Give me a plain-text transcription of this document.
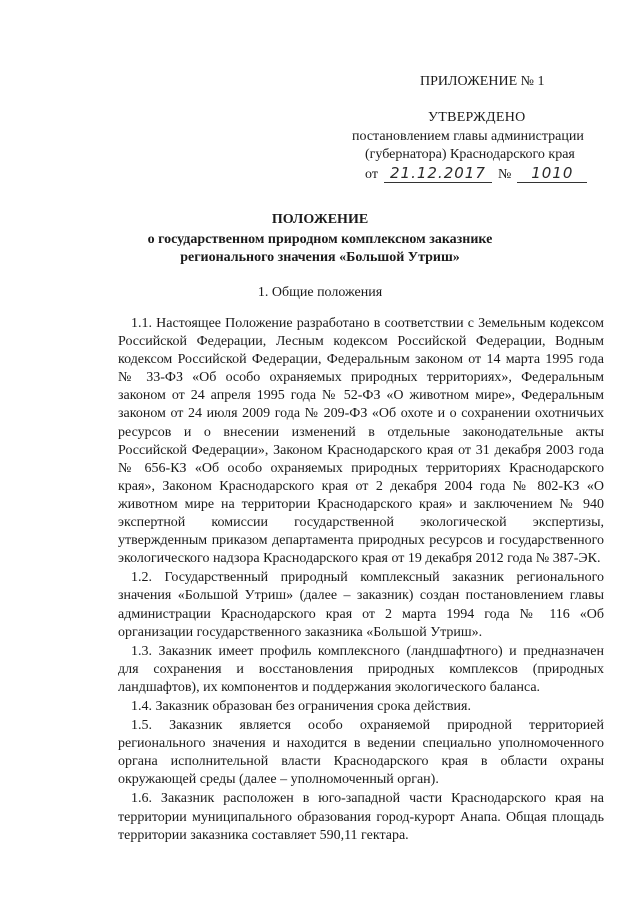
ПРИЛОЖЕНИЕ № 1
УТВЕРЖДЕНО
постановлением главы администрации
(губернатора) Краснодарского края
от 21.12.2017 №	1010
ПОЛОЖЕНИЕ
о государственном природном комплексном заказнике
регионального значения «Большой Утриш»
1. Общие положения

1.1. Настоящее Положение разработано в соответствии с Земельным кодексом Российской Федерации, Лесным кодексом Российской Федерации, Водным кодексом Российской Федерации, Федеральным законом от 14 марта 1995 года № 33-ФЗ «Об особо охраняемых природных территориях», Федеральным законом от 24 апреля 1995 года № 52-ФЗ «О животном мире», Федеральным законом от 24 июля 2009 года № 209-ФЗ «Об охоте и о сохранении охотничьих ресурсов и о внесении изменений в отдельные законодательные акты Российской Федерации», Законом Краснодарского края от 31 декабря 2003 года № 656-КЗ «Об особо охраняемых природных территориях Краснодарского края», Законом Краснодарского края от 2 декабря 2004 года № 802-КЗ «О животном мире на территории Краснодарского края» и заключением № 940 экспертной комиссии государственной экологической экспертизы, утвержденным приказом департамента природных ресурсов и государственного экологического надзора Краснодарского края от 19 декабря 2012 года № 387-ЭК.

1.2. Государственный природный комплексный заказник регионального значения «Большой Утриш» (далее – заказник) создан постановлением главы администрации Краснодарского края от 2 марта 1994 года № 116 «Об организации государственного заказника «Большой Утриш».

1.3. Заказник имеет профиль комплексного (ландшафтного) и предназначен для сохранения и восстановления природных комплексов (природных ландшафтов), их компонентов и поддержания экологического баланса.

1.4. Заказник образован без ограничения срока действия.

1.5. Заказник является особо охраняемой природной территорией регионального значения и находится в ведении специально уполномоченного органа исполнительной власти Краснодарского края в области охраны окружающей среды (далее – уполномоченный орган).

1.6. Заказник расположен в юго-западной части Краснодарского края на территории муниципального образования город-курорт Анапа. Общая площадь территории заказника составляет 590,11 гектара.
